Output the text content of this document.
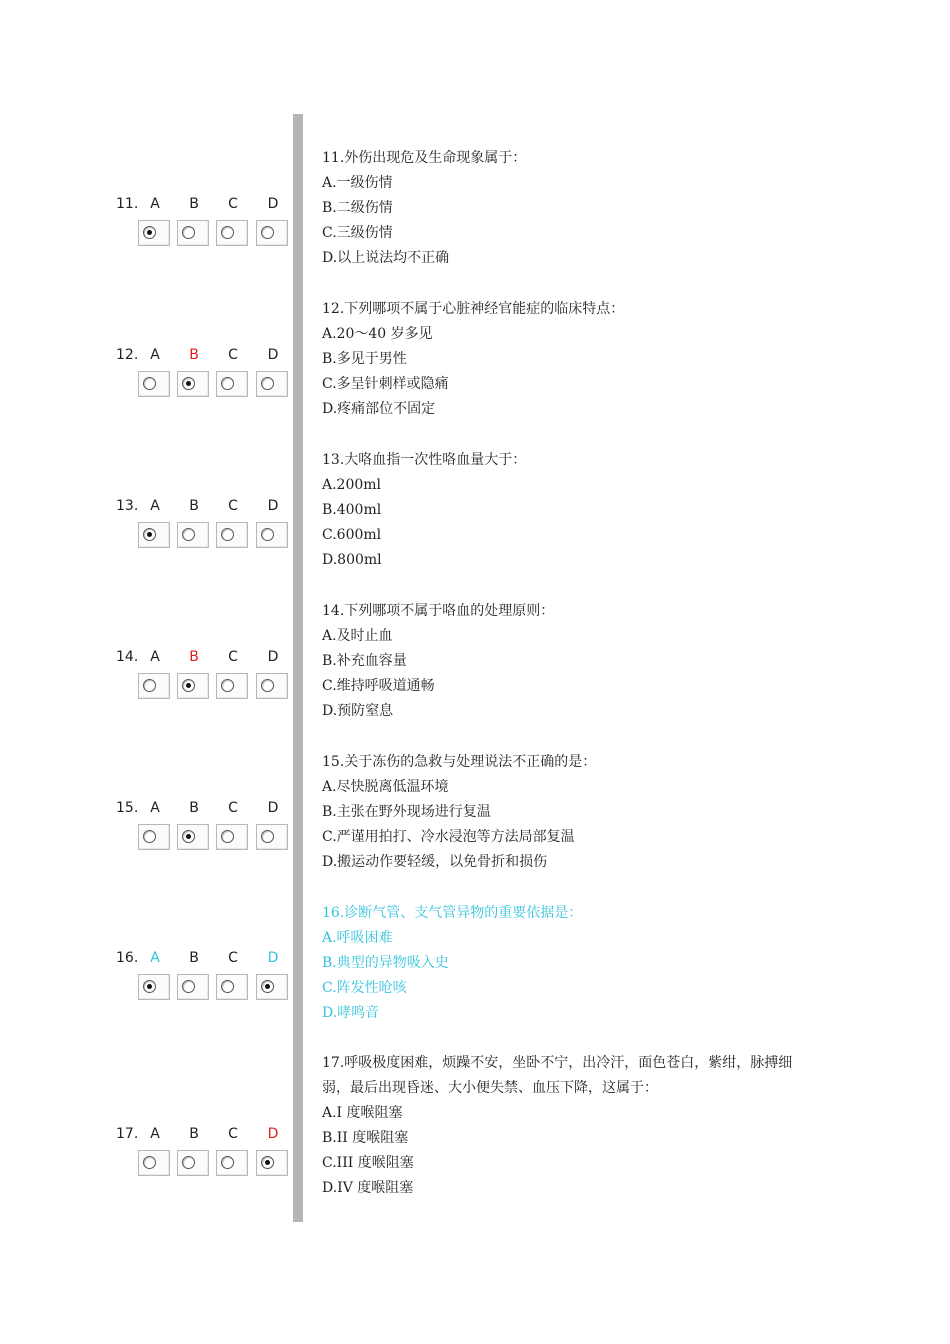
11. A	B	C	D
11.外伤出现危及生命现象属于：
A.一级伤情
B.二级伤情
C.三级伤情
D.以上说法均不正确
12. A	B	C	D
12.下列哪项不属于心脏神经官能症的临床特点：
A.20～40 岁多见
B.多见于男性
C.多呈针刺样或隐痛
D.疼痛部位不固定
13. A	B	C	D
13.大咯血指一次性咯血量大于：
A.200ml
B.400ml
C.600ml
D.800ml
14. A	B	C	D
14.下列哪项不属于咯血的处理原则：
A.及时止血
B.补充血容量
C.维持呼吸道通畅
D.预防窒息
15. A	B	C	D
15.关于冻伤的急救与处理说法不正确的是：
A.尽快脱离低温环境
B.主张在野外现场进行复温
C.严谨用拍打、冷水浸泡等方法局部复温
D.搬运动作要轻缓，以免骨折和损伤
16. A	B	C	D
16.诊断气管、支气管异物的重要依据是：
A.呼吸困难
B.典型的异物吸入史
C.阵发性呛咳
D.哮鸣音
17. A	B	C	D
17.呼吸极度困难，烦躁不安，坐卧不宁，出冷汗，面色苍白，紫绀，脉搏细
弱，最后出现昏迷、大小便失禁、血压下降，这属于：
A.I 度喉阻塞
B.II 度喉阻塞
C.III 度喉阻塞
D.IV 度喉阻塞
